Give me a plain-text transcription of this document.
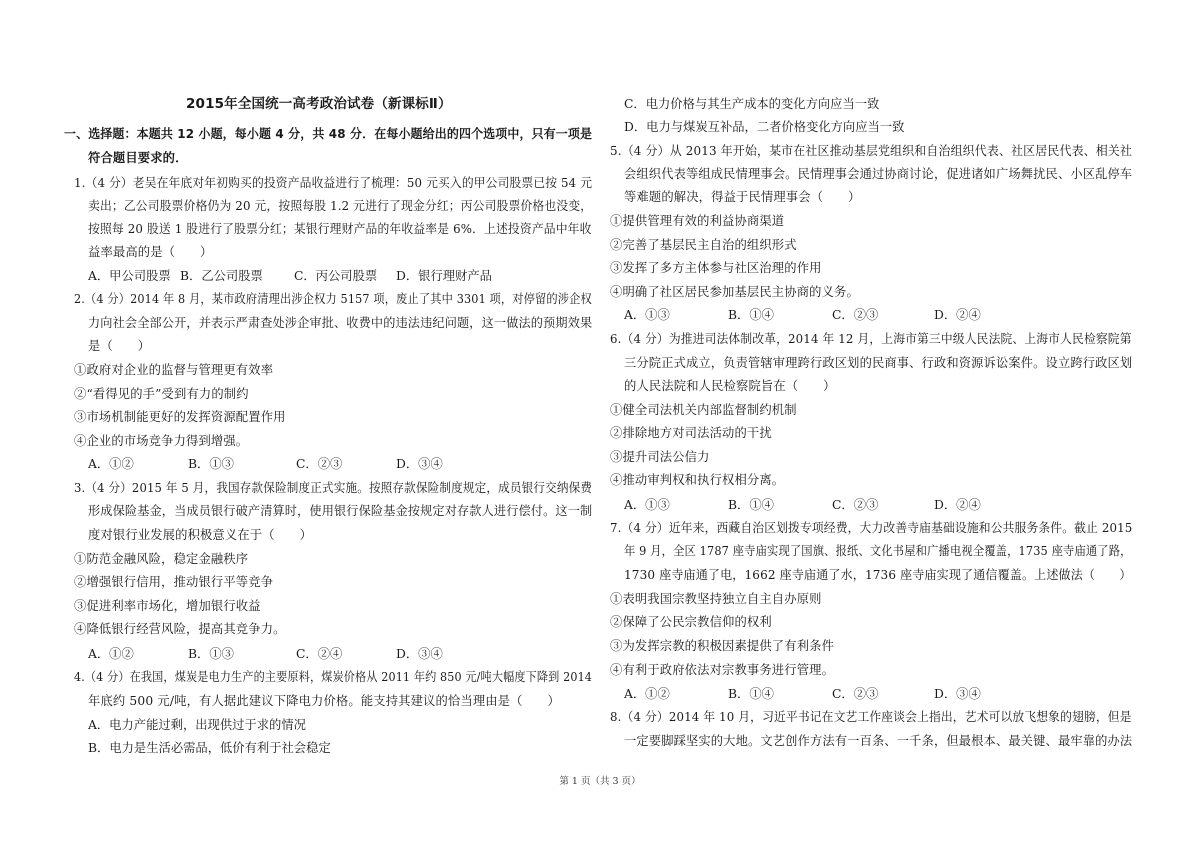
2015年全国统一高考政治试卷（新课标Ⅱ）
一、选择题：本题共 12 小题，每小题 4 分，共 48 分．在每小题给出的四个选项中，只有一项是
符合题目要求的．
1.（4 分）老吴在年底对年初购买的投资产品收益进行了梳理：50 元买入的甲公司股票已按 54 元
卖出；乙公司股票价格仍为 20 元，按照每股 1.2 元进行了现金分红；丙公司股票价格也没变，
按照每 20 股送 1 股进行了股票分红；某银行理财产品的年收益率是 6%．上述投资产品中年收
益率最高的是（　　）
A．甲公司股票 B．乙公司股票	C．丙公司股票 D．银行理财产品
2.（4 分）2014 年 8 月，某市政府清理出涉企权力 5157 项，废止了其中 3301 项，对停留的涉企权
力向社会全部公开，并表示严肃查处涉企审批、收费中的违法违纪问题，这一做法的预期效果
是（　　）
①政府对企业的监督与管理更有效率
②“看得见的手”受到有力的制约
③市场机制能更好的发挥资源配置作用
④企业的市场竞争力得到增强。
A．①②	B．①③	C．②③	D．③④
3.（4 分）2015 年 5 月，我国存款保险制度正式实施。按照存款保险制度规定，成员银行交纳保费
形成保险基金，当成员银行破产清算时，使用银行保险基金按规定对存款人进行偿付。这一制
度对银行业发展的积极意义在于（　　）
①防范金融风险，稳定金融秩序
②增强银行信用，推动银行平等竞争
③促进利率市场化，增加银行收益
④降低银行经营风险，提高其竞争力。
A．①②	B．①③	C．②④	D．③④
4.（4 分）在我国，煤炭是电力生产的主要原料，煤炭价格从 2011 年约 850 元/吨大幅度下降到 2014
年底约 500 元/吨，有人据此建议下降电力价格。能支持其建议的恰当理由是（　　）
A．电力产能过剩，出现供过于求的情况
B．电力是生活必需品，低价有利于社会稳定
C．电力价格与其生产成本的变化方向应当一致
D．电力与煤炭互补品，二者价格变化方向应当一致
5.（4 分）从 2013 年开始，某市在社区推动基层党组织和自治组织代表、社区居民代表、相关社
会组织代表等组成民情理事会。民情理事会通过协商讨论，促进诸如广场舞扰民、小区乱停车
等难题的解决，得益于民情理事会（　　）
①提供管理有效的利益协商渠道
②完善了基层民主自治的组织形式
③发挥了多方主体参与社区治理的作用
④明确了社区居民参加基层民主协商的义务。
A．①③	B．①④	C．②③	D．②④
6.（4 分）为推进司法体制改革，2014 年 12 月，上海市第三中级人民法院、上海市人民检察院第
三分院正式成立，负责管辖审理跨行政区划的民商事、行政和资源诉讼案件。设立跨行政区划
的人民法院和人民检察院旨在（　　）
①健全司法机关内部监督制约机制
②排除地方对司法活动的干扰
③提升司法公信力
④推动审判权和执行权相分离。
A．①③	B．①④	C．②③	D．②④
7.（4 分）近年来，西藏自治区划拨专项经费，大力改善寺庙基础设施和公共服务条件。截止 2015
年 9 月，全区 1787 座寺庙实现了国旗、报纸、文化书屋和广播电视全覆盖，1735 座寺庙通了路，
1730 座寺庙通了电，1662 座寺庙通了水，1736 座寺庙实现了通信覆盖。上述做法（　　）
①表明我国宗教坚持独立自主自办原则
②保障了公民宗教信仰的权利
③为发挥宗教的积极因素提供了有利条件
④有利于政府依法对宗教事务进行管理。
A．①②	B．①④	C．②③	D．③④
8.（4 分）2014 年 10 月，习近平书记在文艺工作座谈会上指出，艺术可以放飞想象的翅膀，但是
一定要脚踩坚实的大地。文艺创作方法有一百条、一千条，但最根本、最关键、最牢靠的办法
第 1 页（共 3 页）
